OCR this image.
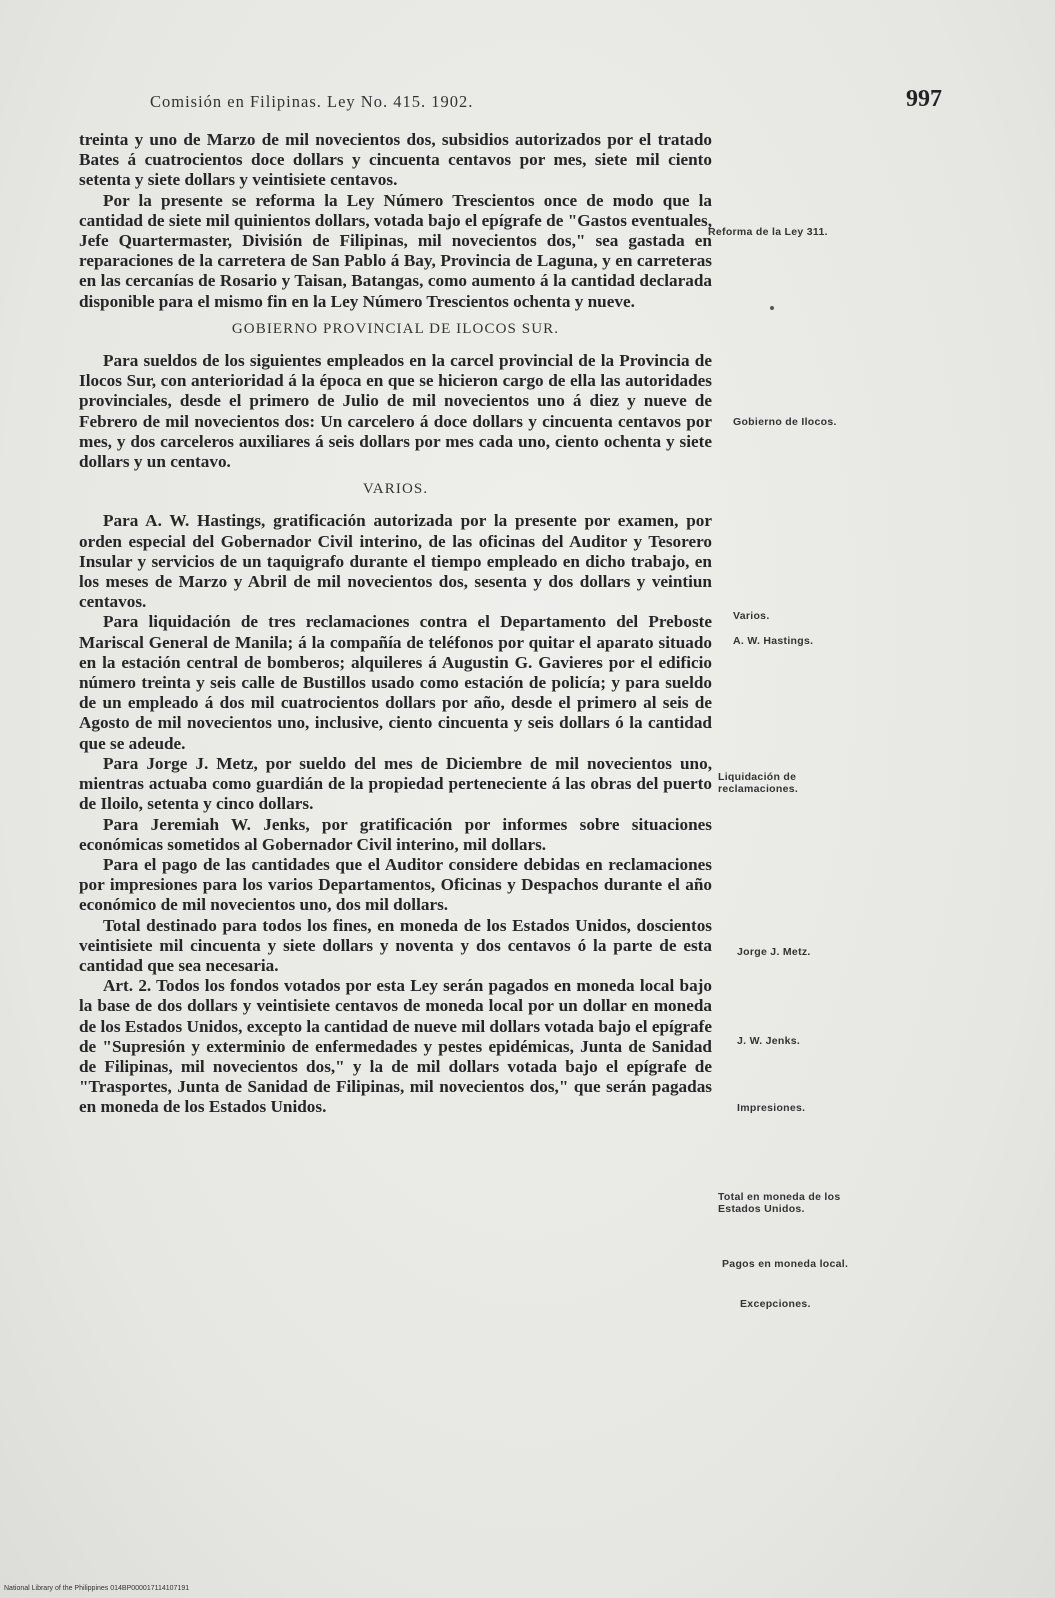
Comisión en Filipinas. Ley No. 415. 1902.	997

treinta y uno de Marzo de mil novecientos dos, subsidios autorizados por el tratado Bates á cuatrocientos doce dollars y cincuenta centavos por mes, siete mil ciento setenta y siete dollars y veintisiete centavos.

Por la presente se reforma la Ley Número Trescientos once de modo que la cantidad de siete mil quinientos dollars, votada bajo el epígrafe de "Gastos eventuales, Jefe Quartermaster, División de Filipinas, mil novecientos dos," sea gastada en reparaciones de la carretera de San Pablo á Bay, Provincia de Laguna, y en carreteras en las cercanías de Rosario y Taisan, Batangas, como aumento á la cantidad declarada disponible para el mismo fin en la Ley Número Trescientos ochenta y nueve.

GOBIERNO PROVINCIAL DE ILOCOS SUR.

Para sueldos de los siguientes empleados en la carcel provincial de la Provincia de Ilocos Sur, con anterioridad á la época en que se hicieron cargo de ella las autoridades provinciales, desde el primero de Julio de mil novecientos uno á diez y nueve de Febrero de mil novecientos dos: Un carcelero á doce dollars y cincuenta centavos por mes, y dos carceleros auxiliares á seis dollars por mes cada uno, ciento ochenta y siete dollars y un centavo.

VARIOS.

Para A. W. Hastings, gratificación autorizada por la presente por examen, por orden especial del Gobernador Civil interino, de las oficinas del Auditor y Tesorero Insular y servicios de un taquigrafo durante el tiempo empleado en dicho trabajo, en los meses de Marzo y Abril de mil novecientos dos, sesenta y dos dollars y veintiun centavos.

Para liquidación de tres reclamaciones contra el Departamento del Preboste Mariscal General de Manila; á la compañía de teléfonos por quitar el aparato situado en la estación central de bomberos; alquileres á Augustin G. Gavieres por el edificio número treinta y seis calle de Bustillos usado como estación de policía; y para sueldo de un empleado á dos mil cuatrocientos dollars por año, desde el primero al seis de Agosto de mil novecientos uno, inclusive, ciento cincuenta y seis dollars ó la cantidad que se adeude.

Para Jorge J. Metz, por sueldo del mes de Diciembre de mil novecientos uno, mientras actuaba como guardián de la propiedad perteneciente á las obras del puerto de Iloilo, setenta y cinco dollars.

Para Jeremiah W. Jenks, por gratificación por informes sobre situaciones económicas sometidos al Gobernador Civil interino, mil dollars.

Para el pago de las cantidades que el Auditor considere debidas en reclamaciones por impresiones para los varios Departamentos, Oficinas y Despachos durante el año económico de mil novecientos uno, dos mil dollars.

Total destinado para todos los fines, en moneda de los Estados Unidos, doscientos veintisiete mil cincuenta y siete dollars y noventa y dos centavos ó la parte de esta cantidad que sea necesaria.

Art. 2. Todos los fondos votados por esta Ley serán pagados en moneda local bajo la base de dos dollars y veintisiete centavos de moneda local por un dollar en moneda de los Estados Unidos, excepto la cantidad de nueve mil dollars votada bajo el epígrafe de "Supresión y exterminio de enfermedades y pestes epidémicas, Junta de Sanidad de Filipinas, mil novecientos dos," y la de mil dollars votada bajo el epígrafe de "Trasportes, Junta de Sanidad de Filipinas, mil novecientos dos," que serán pagadas en moneda de los Estados Unidos.

Reforma de la Ley 311.
Gobierno de Ilocos.
Varios.
A. W. Hastings.
Liquidación de reclamaciones.
Jorge J. Metz.
J. W. Jenks.
Impresiones.
Total en moneda de los Estados Unidos.
Pagos en moneda local.
Excepciones.
National Library of the Philippines 014BP000017114107191
